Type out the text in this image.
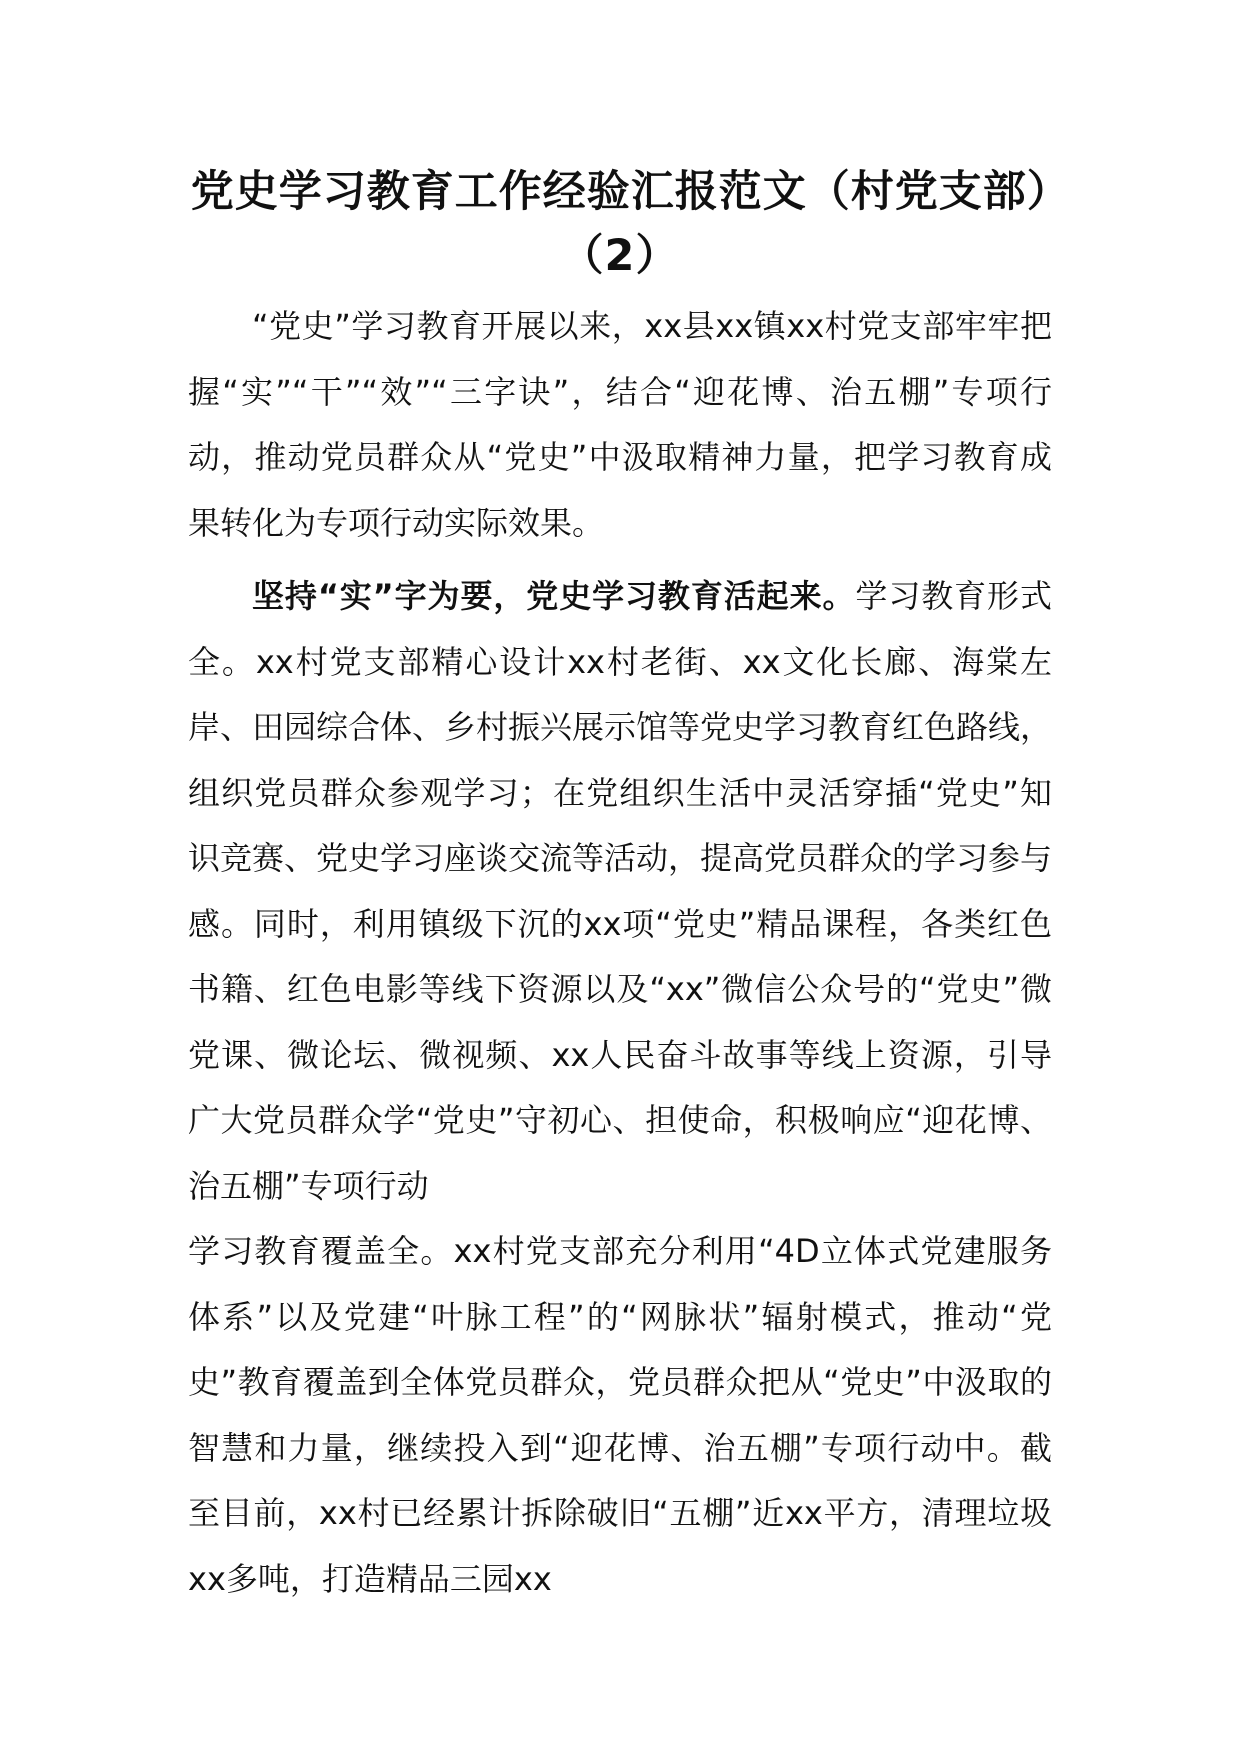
党史学习教育工作经验汇报范文（村党支部）（2）

“党史”学习教育开展以来，xx县xx镇xx村党支部牢牢把握“实”“干”“效”“三字诀”，结合“迎花博、治五棚”专项行动，推动党员群众从“党史”中汲取精神力量，把学习教育成果转化为专项行动实际效果。

坚持“实”字为要，党史学习教育活起来。学习教育形式全。xx村党支部精心设计xx村老街、xx文化长廊、海棠左岸、田园综合体、乡村振兴展示馆等党史学习教育红色路线，组织党员群众参观学习；在党组织生活中灵活穿插“党史”知识竞赛、党史学习座谈交流等活动，提高党员群众的学习参与感。同时，利用镇级下沉的xx项“党史”精品课程，各类红色书籍、红色电影等线下资源以及“xx”微信公众号的“党史”微党课、微论坛、微视频、xx人民奋斗故事等线上资源，引导广大党员群众学“党史”守初心、担使命，积极响应“迎花博、治五棚”专项行动

学习教育覆盖全。xx村党支部充分利用“4D立体式党建服务体系”以及党建“叶脉工程”的“网脉状”辐射模式，推动“党史”教育覆盖到全体党员群众，党员群众把从“党史”中汲取的智慧和力量，继续投入到“迎花博、治五棚”专项行动中。截至目前，xx村已经累计拆除破旧“五棚”近xx平方，清理垃圾xx多吨，打造精品三园xx
